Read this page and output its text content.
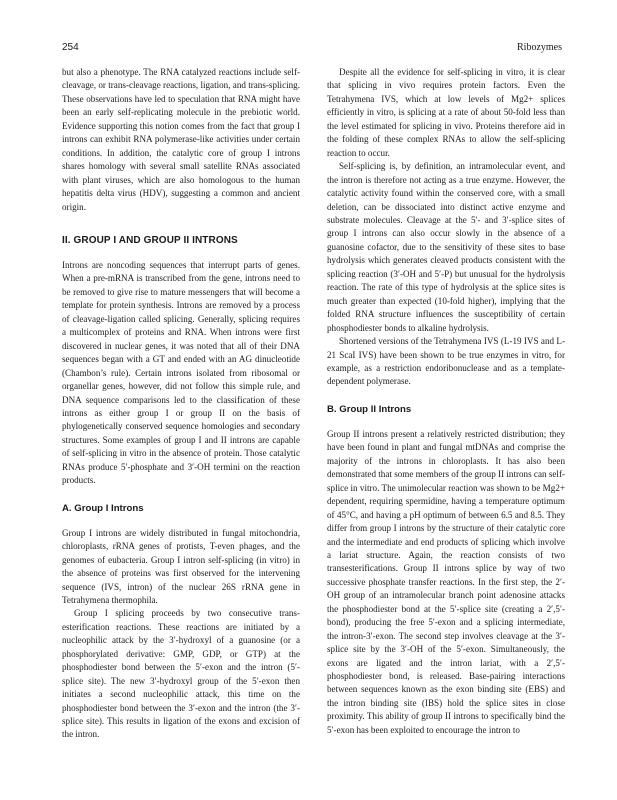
254	Ribozymes

but also a phenotype. The RNA catalyzed reactions include self-cleavage, or trans-cleavage reactions, ligation, and trans-splicing. These observations have led to speculation that RNA might have been an early self-replicating molecule in the prebiotic world. Evidence supporting this notion comes from the fact that group I introns can exhibit RNA polymerase-like activities under certain conditions. In addition, the catalytic core of group I introns shares homology with several small satellite RNAs associated with plant viruses, which are also homologous to the human hepatitis delta virus (HDV), suggesting a common and ancient origin.

II. GROUP I AND GROUP II INTRONS

Introns are noncoding sequences that interrupt parts of genes. When a pre-mRNA is transcribed from the gene, introns need to be removed to give rise to mature messengers that will become a template for protein synthesis. Introns are removed by a process of cleavage-ligation called splicing. Generally, splicing requires a multicomplex of proteins and RNA. When introns were first discovered in nuclear genes, it was noted that all of their DNA sequences began with a GT and ended with an AG dinucleotide (Chambon’s rule). Certain introns isolated from ribosomal or organellar genes, however, did not follow this simple rule, and DNA sequence comparisons led to the classification of these introns as either group I or group II on the basis of phylogenetically conserved sequence homologies and secondary structures. Some examples of group I and II introns are capable of self-splicing in vitro in the absence of protein. Those catalytic RNAs produce 5′-phosphate and 3′-OH termini on the reaction products.

A. Group I Introns

Group I introns are widely distributed in fungal mitochondria, chloroplasts, rRNA genes of protists, T-even phages, and the genomes of eubacteria. Group I intron self-splicing (in vitro) in the absence of proteins was first observed for the intervening sequence (IVS, intron) of the nuclear 26S rRNA gene in Tetrahymena thermophila.

Group I splicing proceeds by two consecutive trans-esterification reactions. These reactions are initiated by a nucleophilic attack by the 3′-hydroxyl of a guanosine (or a phosphorylated derivative: GMP, GDP, or GTP) at the phosphodiester bond between the 5′-exon and the intron (5′-splice site). The new 3′-hydroxyl group of the 5′-exon then initiates a second nucleophilic attack, this time on the phosphodiester bond between the 3′-exon and the intron (the 3′-splice site). This results in ligation of the exons and excision of the intron.

Despite all the evidence for self-splicing in vitro, it is clear that splicing in vivo requires protein factors. Even the Tetrahymena IVS, which at low levels of Mg2+ splices efficiently in vitro, is splicing at a rate of about 50-fold less than the level estimated for splicing in vivo. Proteins therefore aid in the folding of these complex RNAs to allow the self-splicing reaction to occur.

Self-splicing is, by definition, an intramolecular event, and the intron is therefore not acting as a true enzyme. However, the catalytic activity found within the conserved core, with a small deletion, can be dissociated into distinct active enzyme and substrate molecules. Cleavage at the 5′- and 3′-splice sites of group I introns can also occur slowly in the absence of a guanosine cofactor, due to the sensitivity of these sites to base hydrolysis which generates cleaved products consistent with the splicing reaction (3′-OH and 5′-P) but unusual for the hydrolysis reaction. The rate of this type of hydrolysis at the splice sites is much greater than expected (10-fold higher), implying that the folded RNA structure influences the susceptibility of certain phosphodiester bonds to alkaline hydrolysis.

Shortened versions of the Tetrahymena IVS (L-19 IVS and L-21 ScaI IVS) have been shown to be true enzymes in vitro, for example, as a restriction endoribonuclease and as a template-dependent polymerase.

B. Group II Introns

Group II introns present a relatively restricted distribution; they have been found in plant and fungal mtDNAs and comprise the majority of the introns in chloroplasts. It has also been demonstrated that some members of the group II introns can self-splice in vitro. The unimolecular reaction was shown to be Mg2+ dependent, requiring spermidine, having a temperature optimum of 45°C, and having a pH optimum of between 6.5 and 8.5. They differ from group I introns by the structure of their catalytic core and the intermediate and end products of splicing which involve a lariat structure. Again, the reaction consists of two transesterifications. Group II introns splice by way of two successive phosphate transfer reactions. In the first step, the 2′-OH group of an intramolecular branch point adenosine attacks the phosphodiester bond at the 5′-splice site (creating a 2′,5′-bond), producing the free 5′-exon and a splicing intermediate, the intron-3′-exon. The second step involves cleavage at the 3′-splice site by the 3′-OH of the 5′-exon. Simultaneously, the exons are ligated and the intron lariat, with a 2′,5′-phosphodiester bond, is released. Base-pairing interactions between sequences known as the exon binding site (EBS) and the intron binding site (IBS) hold the splice sites in close proximity. This ability of group II introns to specifically bind the 5′-exon has been exploited to encourage the intron to
